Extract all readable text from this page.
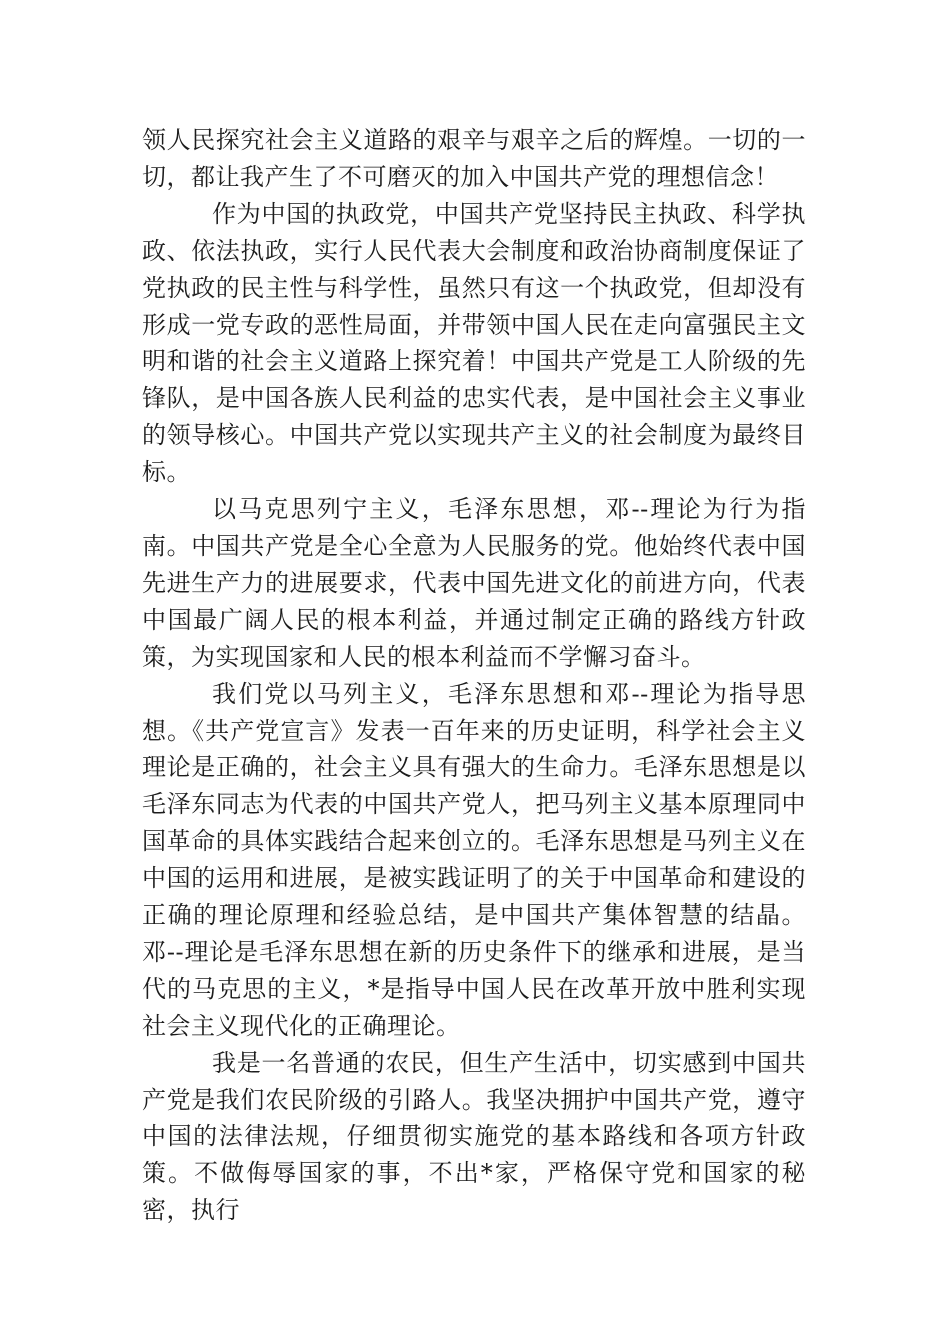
领人民探究社会主义道路的艰辛与艰辛之后的辉煌。一切的一切，都让我产生了不可磨灭的加入中国共产党的理想信念！

作为中国的执政党，中国共产党坚持民主执政、科学执政、依法执政，实行人民代表大会制度和政治协商制度保证了党执政的民主性与科学性，虽然只有这一个执政党，但却没有形成一党专政的恶性局面，并带领中国人民在走向富强民主文明和谐的社会主义道路上探究着！中国共产党是工人阶级的先锋队，是中国各族人民利益的忠实代表，是中国社会主义事业的领导核心。中国共产党以实现共产主义的社会制度为最终目标。

以马克思列宁主义，毛泽东思想，邓--理论为行为指南。中国共产党是全心全意为人民服务的党。他始终代表中国先进生产力的进展要求，代表中国先进文化的前进方向，代表中国最广阔人民的根本利益，并通过制定正确的路线方针政策，为实现国家和人民的根本利益而不学懈习奋斗。

我们党以马列主义，毛泽东思想和邓--理论为指导思想。《共产党宣言》发表一百年来的历史证明，科学社会主义理论是正确的，社会主义具有强大的生命力。毛泽东思想是以毛泽东同志为代表的中国共产党人，把马列主义基本原理同中国革命的具体实践结合起来创立的。毛泽东思想是马列主义在中国的运用和进展，是被实践证明了的关于中国革命和建设的正确的理论原理和经验总结，是中国共产集体智慧的结晶。邓--理论是毛泽东思想在新的历史条件下的继承和进展，是当代的马克思的主义，*是指导中国人民在改革开放中胜利实现社会主义现代化的正确理论。

我是一名普通的农民，但生产生活中，切实感到中国共产党是我们农民阶级的引路人。我坚决拥护中国共产党，遵守中国的法律法规，仔细贯彻实施党的基本路线和各项方针政策。不做侮辱国家的事，不出*家，严格保守党和国家的秘密，执行
